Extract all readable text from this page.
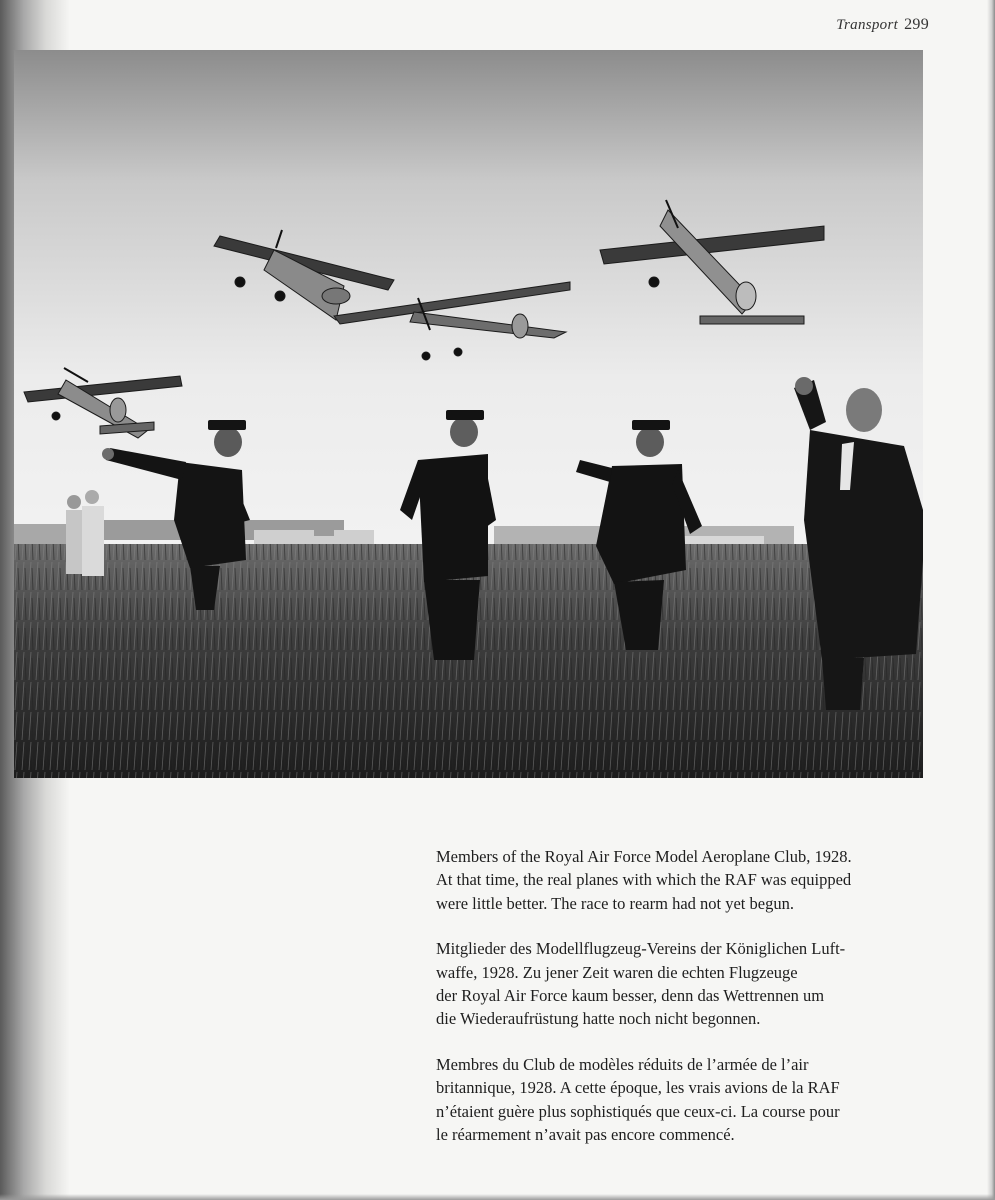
Transport 299

Members of the Royal Air Force Model Aeroplane Club, 1928.
At that time, the real planes with which the RAF was equipped
were little better. The race to rearm had not yet begun.

Mitglieder des Modellflugzeug-Vereins der Königlichen Luft-
waffe, 1928. Zu jener Zeit waren die echten Flugzeuge
der Royal Air Force kaum besser, denn das Wettrennen um
die Wiederaufrüstung hatte noch nicht begonnen.

Membres du Club de modèles réduits de l’armée de l’air
britannique, 1928. A cette époque, les vrais avions de la RAF
n’étaient guère plus sophistiqués que ceux-ci. La course pour
le réarmement n’avait pas encore commencé.
